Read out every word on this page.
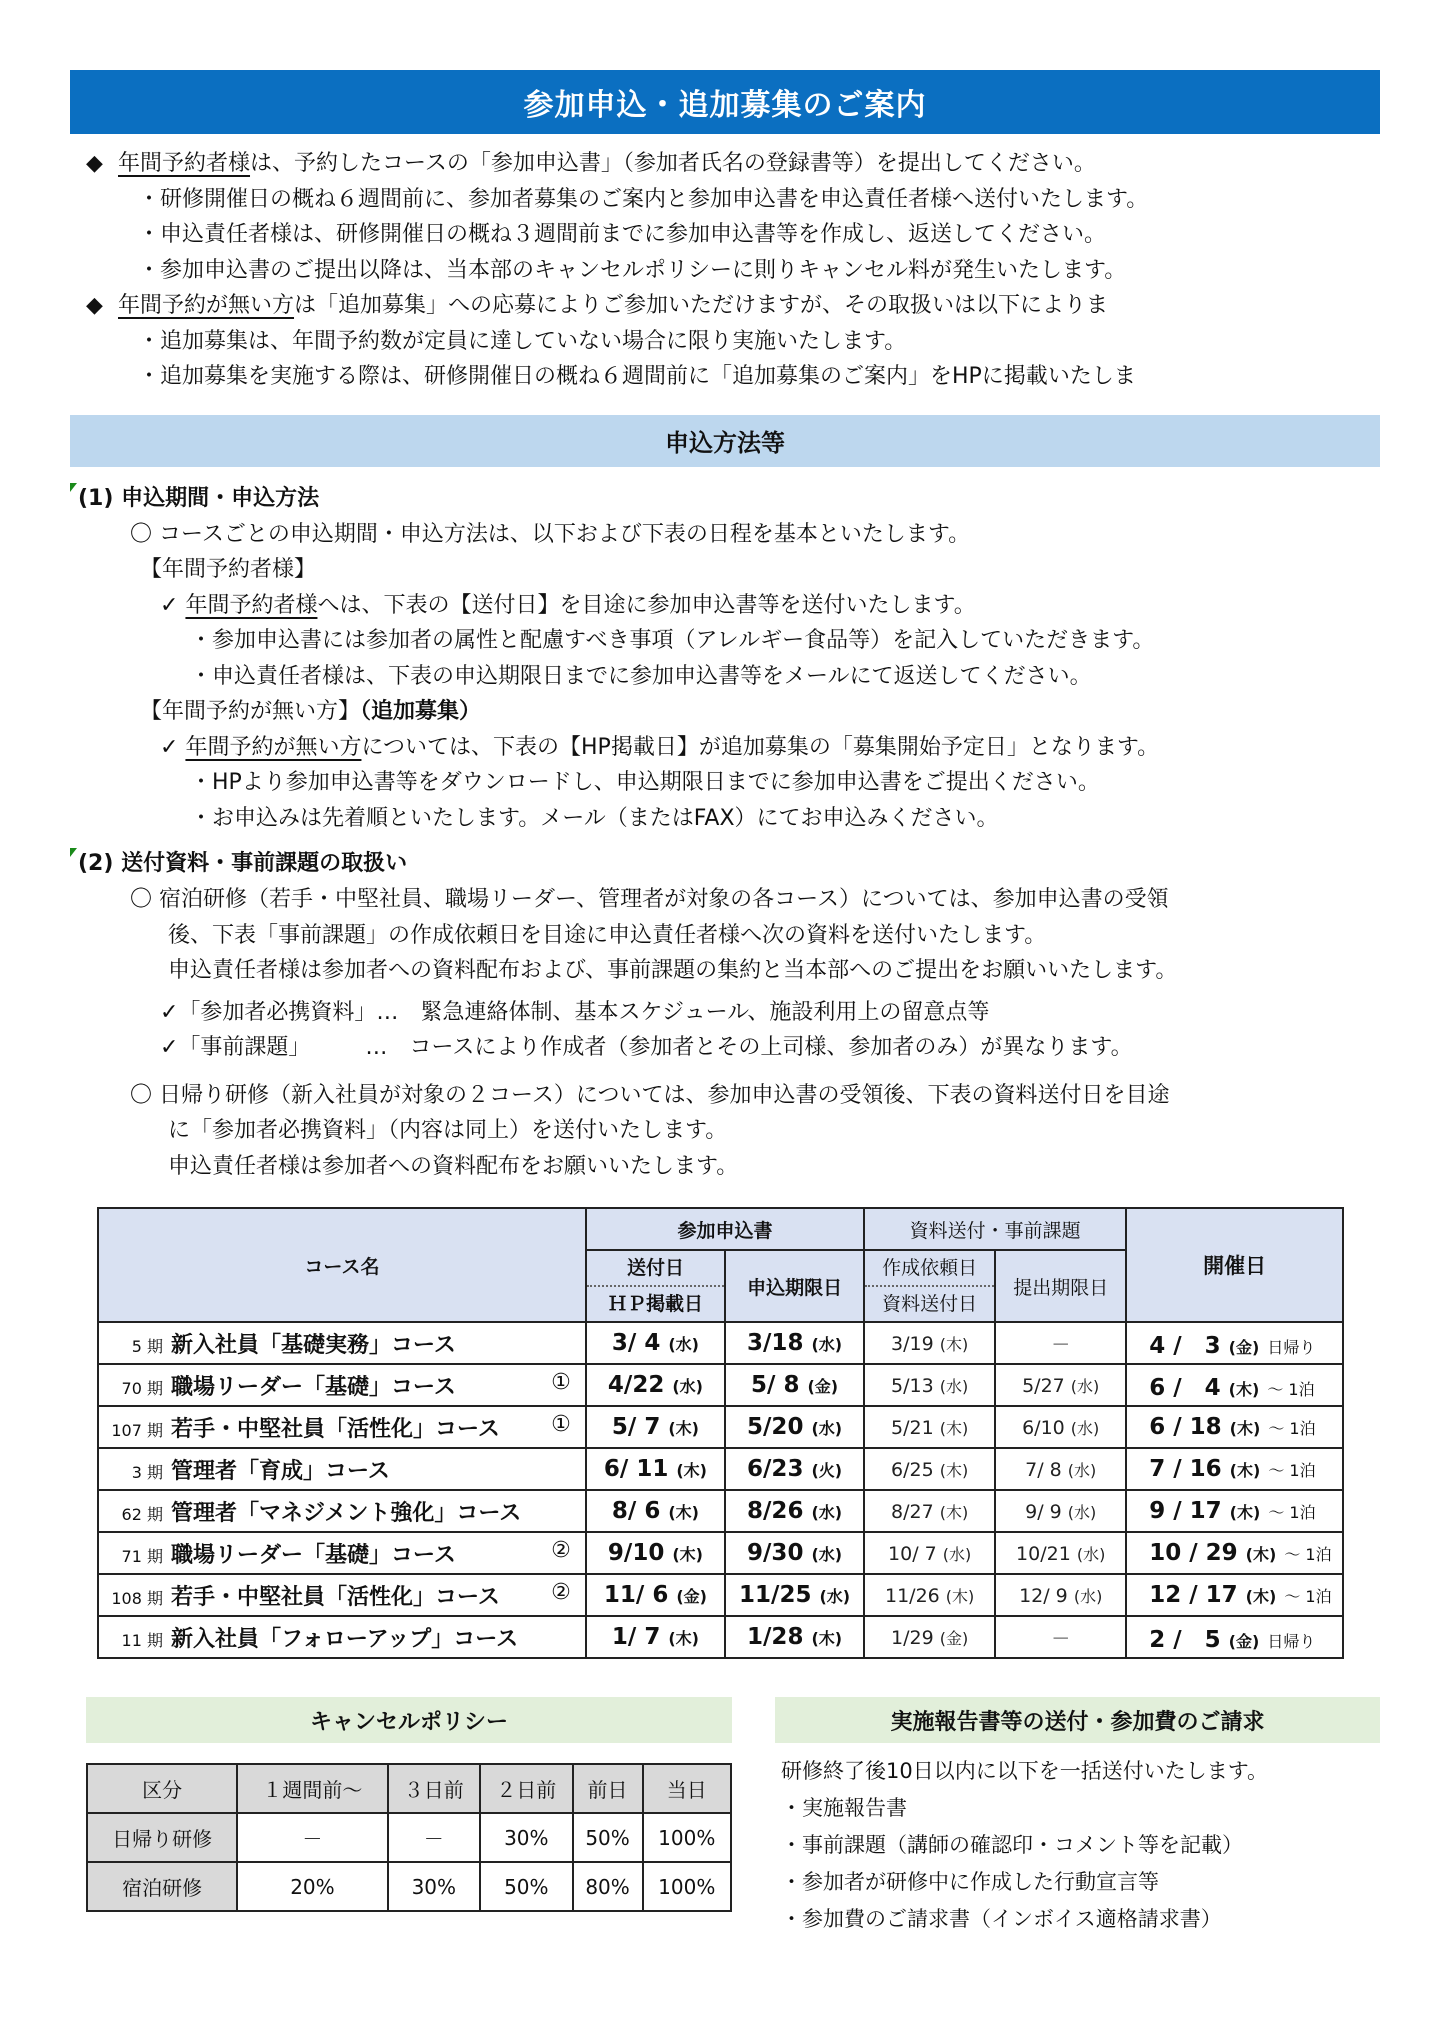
参加申込・追加募集のご案内
◆ 年間予約者様は、予約したコースの「参加申込書」（参加者氏名の登録書等）を提出してください。
・研修開催日の概ね６週間前に、参加者募集のご案内と参加申込書を申込責任者様へ送付いたします。
・申込責任者様は、研修開催日の概ね３週間前までに参加申込書等を作成し、返送してください。
・参加申込書のご提出以降は、当本部のキャンセルポリシーに則りキャンセル料が発生いたします。
◆ 年間予約が無い方は「追加募集」への応募によりご参加いただけますが、その取扱いは以下によりま
・追加募集は、年間予約数が定員に達していない場合に限り実施いたします。
・追加募集を実施する際は、研修開催日の概ね６週間前に「追加募集のご案内」をHPに掲載いたしま
申込方法等
(1) 申込期間・申込方法
〇 コースごとの申込期間・申込方法は、以下および下表の日程を基本といたします。
【年間予約者様】
✓ 年間予約者様へは、下表の【送付日】を目途に参加申込書等を送付いたします。
・参加申込書には参加者の属性と配慮すべき事項（アレルギー食品等）を記入していただきます。
・申込責任者様は、下表の申込期限日までに参加申込書等をメールにて返送してください。
【年間予約が無い方】（追加募集）
✓ 年間予約が無い方については、下表の【HP掲載日】が追加募集の「募集開始予定日」となります。
・HPより参加申込書等をダウンロードし、申込期限日までに参加申込書をご提出ください。
・お申込みは先着順といたします。メール（またはFAX）にてお申込みください。
(2) 送付資料・事前課題の取扱い
〇 宿泊研修（若手・中堅社員、職場リーダー、管理者が対象の各コース）については、参加申込書の受領
後、下表「事前課題」の作成依頼日を目途に申込責任者様へ次の資料を送付いたします。
申込責任者様は参加者への資料配布および、事前課題の集約と当本部へのご提出をお願いいたします。
✓「参加者必携資料」…　 緊急連絡体制、基本スケジュール、施設利用上の留意点等
✓「事前課題」　　　…　 コースにより作成者（参加者とその上司様、参加者のみ）が異なります。
〇 日帰り研修（新入社員が対象の２コース）については、参加申込書の受領後、下表の資料送付日を目途
に「参加者必携資料」（内容は同上）を送付いたします。
申込責任者様は参加者への資料配布をお願いいたします。
コース名	参加申込書		資料送付・事前課題		開催日

	送付日
ＨＰ掲載日	申込期限日	作成依頼日
資料送付日	提出期限日	

5 期 新入社員「基礎実務」コース	3/ 4 (水)	3/18 (水)	3/19 (木)	－	4 /　3 (金) 日帰り
70 期 職場リーダー「基礎」コース ①	4/22 (水)	5/ 8 (金)	5/13 (水)	5/27 (水)	6 /　4 (木) ～ 1泊
107 期 若手・中堅社員「活性化」コース ①	5/ 7 (木)	5/20 (水)	5/21 (木)	6/10 (水)	6 / 18 (木) ～ 1泊
3 期 管理者「育成」コース	6/ 11 (木)	6/23 (火)	6/25 (木)	7/ 8 (水)	7 / 16 (木) ～ 1泊
62 期 管理者「マネジメント強化」コース	8/ 6 (木)	8/26 (水)	8/27 (木)	9/ 9 (水)	9 / 17 (木) ～ 1泊
71 期 職場リーダー「基礎」コース ②	9/10 (木)	9/30 (水)	10/ 7 (水)	10/21 (水)	10 / 29 (木) ～ 1泊
108 期 若手・中堅社員「活性化」コース ②	11/ 6 (金)	11/25 (水)	11/26 (木)	12/ 9 (水)	12 / 17 (木) ～ 1泊
11 期 新入社員「フォローアップ」コース	1/ 7 (木)	1/28 (木)	1/29 (金)	－	2 /　5 (金) 日帰り
キャンセルポリシー
区分	１週間前～	３日前	２日前	前日	当日
日帰り研修	－	－	30%	50%	100%
宿泊研修	20%	30%	50%	80%	100%
実施報告書等の送付・参加費のご請求
研修終了後10日以内に以下を一括送付いたします。
・実施報告書
・事前課題（講師の確認印・コメント等を記載）
・参加者が研修中に作成した行動宣言等
・参加費のご請求書（インボイス適格請求書）
